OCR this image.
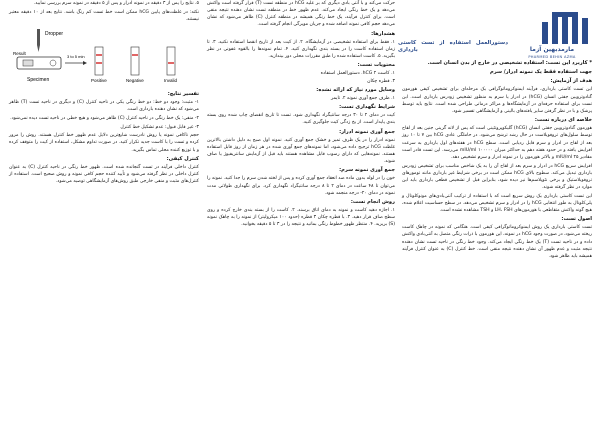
مارمد‌بهین آزما
PHARMED BEHIN AZMA
دستورالعمل استفاده از تست کاستی بارداری
* کاربرد این تست: استفاده تشخیصی در خارج از بدن انسان است.
جهت استفاده فقط یک نمونه ادرار/ سرم
هدف از آزمایش:

این تست کاستی بارداری، فرآیند ایمنوکروماتوگرافی یک مرحله‌ای برای تشخیص کیفی هورمون گنادوتروپین جفتی انسان (hCG) در ادرار یا سرم به منظور تشخیص زودرس بارداری است. این تست برای استفاده حرفه‌ای در آزمایشگاه‌ها و مراکز درمانی طراحی شده است. نتایج باید توسط پزشک و با در نظر گرفتن سایر یافته‌های بالینی و آزمایشگاهی تفسیر شود.

خلاصه ای درباره تست:

هورمون گنادوتروپین جفتی انسان (hCG) گلیکوپروتئینی است که پس از لانه گزینی جنین بعد از لقاح توسط سلول‌های تروفوبلاست در حال رشد ترشح می‌شود. در حاملگی عادی hCG بین ۷ تا ۱۰ روز بعد از لقاح در ادرار و سرم قابل ردیابی است. سطح hCG در هفته‌های اول بارداری به سرعت افزایش یافته و در حدود هفته دهم به حداکثر میزان ۱۰۰۰۰۰ mIU/ml می‌رسد. این تست قادر است مقادیر ۲۵ mIU/ml و بالاتر هورمون را در نمونه ادرار و سرم تشخیص دهد.

افزایش سریع hCG در ادرار و سرم بعد از لقاح آن را به یک شاخص مناسب برای تشخیص زودرس بارداری تبدیل می‌کند. سطوح بالای hCG ممکن است در برخی شرایط غیر بارداری مانند تومورهای تروفوبلاستیک و برخی نئوپلاسم‌ها نیز دیده شود، بنابراین قبل از تشخیص قطعی بارداری باید این موارد در نظر گرفته شوند.

این تست کاستی بارداری یک روش سریع است که با استفاده از ترکیب آنتی‌بادی‌های مونوکلونال و پلی‌کلونال به طور انتخابی hCG را در ادرار و سرم تشخیص می‌دهد. در سطح حساسیت اعلام شده، هیچ گونه واکنش متقاطعی با هورمون‌های LH، FSH و TSH مشاهده نشده است.

اصول تست:

تست کاستی بارداری یک روش ایمنوکروماتوگرافی کیفی است. هنگامی که نمونه در چاهک کاست ریخته می‌شود، در صورت وجود hCG در نمونه، این هورمون با ذرات رنگی متصل به آنتی‌بادی واکنش داده و در ناحیه تست (T) یک خط رنگی ایجاد می‌کند. وجود خط رنگی در ناحیه تست نشان دهنده نتیجه مثبت و عدم ظهور آن نشان دهنده نتیجه منفی است. خط کنترل (C) به عنوان کنترل فرآیند همیشه باید ظاهر شود.

حرکت می‌کند و با آنتی بادی دیگری که بر علیه hCG در منطقه تست (T) قرار گرفته است واکنش می‌دهد و یک خط رنگی ایجاد می‌کند. عدم ظهور خط در منطقه تست نشان دهنده نتیجه منفی است. برای کنترل فرآیند، یک خط رنگی همیشه در منطقه کنترل (C) ظاهر می‌شود که نشان می‌دهد حجم کافی نمونه اضافه شده و جریان مویرگی انجام گرفته است.

هشدارها:

۱. فقط برای استفاده تشخیصی در آزمایشگاه. ۲. از کیت بعد از تاریخ انقضا استفاده نکنید. ۳. تا زمان استفاده کاست را در بسته بندی نگهداری کنید. ۴. تمام نمونه‌ها را بالقوه عفونی در نظر بگیرید. ۵. کاست استفاده شده را طبق مقررات محلی دور بیندازید.

محتویات تست:

۱. کاست hCG ۲. دستورالعمل استفاده

۳. قطره چکان

وسایل مورد نیاز که ارائه نشده:

۱. ظرف جمع آوری نمونه ۲. تایمر

شرایط نگهداری تست:

کیت در دمای ۲ تا ۳۰ درجه سانتیگراد نگهداری شود. تست تا تاریخ انقضای چاپ شده روی بسته بندی پایدار است. از یخ زدگی کیت جلوگیری کنید.

جمع آوری نمونه ادرار:

نمونه ادرار را در یک ظرف تمیز و خشک جمع آوری کنید. نمونه اول صبح به دلیل داشتن بالاترین غلظت hCG ترجیح داده می‌شود، اما نمونه‌های جمع آوری شده در هر زمان از روز قابل استفاده هستند. نمونه‌هایی که دارای رسوب قابل مشاهده هستند باید قبل از آزمایش سانتریفیوژ یا صاف شوند.

جمع آوری نمونه سرم:

خون را در لوله بدون ماده ضد انعقاد جمع آوری کرده و پس از لخته شدن سرم را جدا کنید. نمونه را می‌توان تا ۴۸ ساعت در دمای ۲ تا ۸ درجه سانتیگراد نگهداری کرد. برای نگهداری طولانی مدت نمونه در دمای ۲۰- درجه منجمد شود.

روش انجام تست:

۱. اجازه دهید کاست و نمونه به دمای اتاق برسند. ۲. کاست را از بسته بندی خارج کرده و روی سطح صاف قرار دهید. ۳. با قطره چکان ۳ قطره (حدود ۱۰۰ میکرولیتر) از نمونه را به چاهک نمونه (S) بریزید. ۴. منتظر ظهور خطوط رنگی بمانید و نتیجه را در ۳ تا ۵ دقیقه بخوانید.

۵. نتایج را پس از ۳ دقیقه در نمونه ادرار و پس از ۵ دقیقه در نمونه سرم بررسی نمایید.

نکته: در غلظت‌های پایین hCG ممکن است خط تست کم رنگ باشد. نتایج بعد از ۱۰ دقیقه معتبر نیستند.

Dropper
Result
Specimen
3 to 5 min
Positive	Negative	Invalid
تفسیر نتایج:

۱- مثبت: وجود دو خط: دو خط رنگی یکی در ناحیه کنترل (C) و دیگری در ناحیه تست (T) ظاهر می‌شود که نشان دهنده بارداری است.

۲- منفی: یک خط رنگی در ناحیه کنترل (C) ظاهر می‌شود و هیچ خطی در ناحیه تست دیده نمی‌شود.

۳- غیر قابل قبول: عدم تشکیل خط کنترل

حجم ناکافی نمونه یا روش نادرست شایع‌ترین دلایل عدم ظهور خط کنترل هستند. روش را مرور کرده و تست را با کاست جدید تکرار کنید. در صورت تداوم مشکل، استفاده از کیت را متوقف کرده و با توزیع کننده محلی تماس بگیرید.

کنترل کیفی:

کنترل داخلی فرآیند در تست گنجانده شده است. ظهور خط رنگی در ناحیه کنترل (C) به عنوان کنترل داخلی در نظر گرفته می‌شود و تأیید کننده حجم کافی نمونه و روش صحیح است. استفاده از کنترل‌های مثبت و منفی خارجی طبق روش‌های آزمایشگاهی توصیه می‌شود.
